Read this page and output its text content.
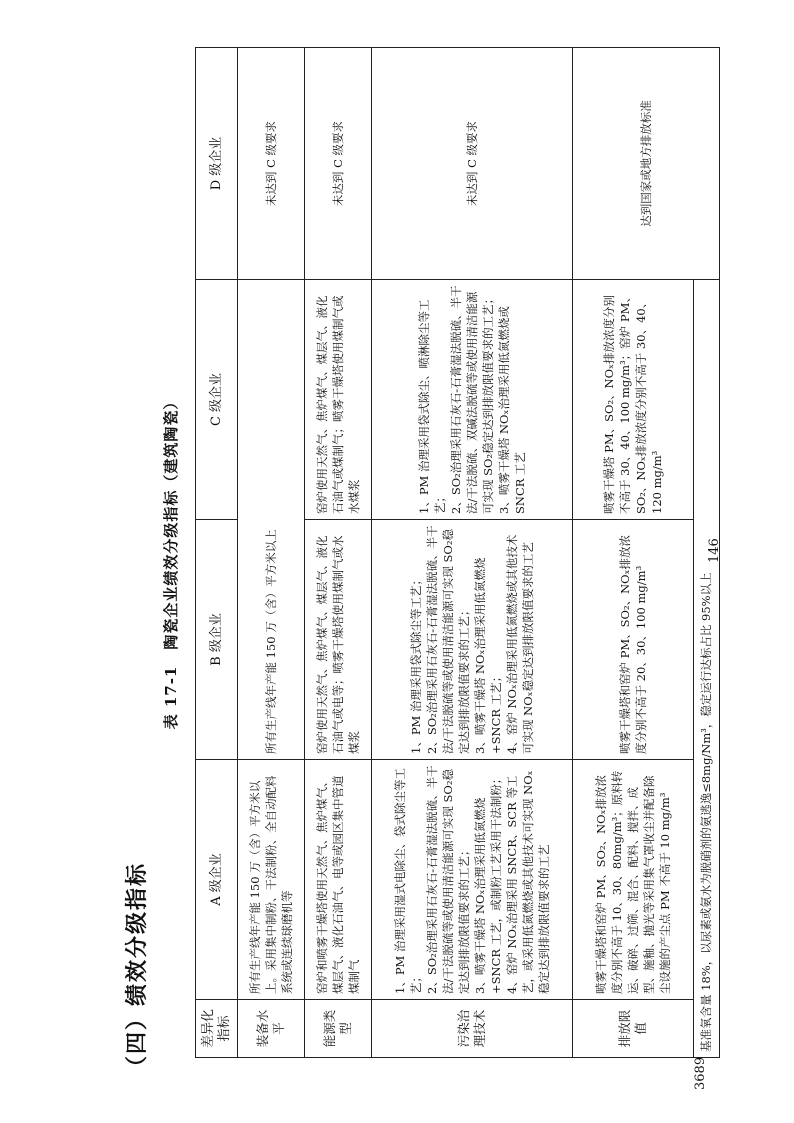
（四）绩效分级指标
表 17-1　陶瓷企业绩效分级指标（建筑陶瓷）
差异化指标	A 级企业	B 级企业	C 级企业	D 级企业
装备水平	所有生产线年产能 150 万（含）平方米以上。采用集中制粉、干法制粉、全自动配料系统或连续球磨机等	所有生产线年产能 150 万（含）平方米以上		未达到 C 级要求
能源类型	窑炉和喷雾干燥塔使用天然气、焦炉煤气、煤层气、液化石油气、电等或园区集中管道煤制气	窑炉使用天然气、焦炉煤气、煤层气、液化石油气或电等；喷雾干燥塔使用煤制气或水煤浆	窑炉使用天然气、焦炉煤气、煤层气、液化石油气或煤制气；喷雾干燥塔使用煤制气或水煤浆	未达到 C 级要求
污染治理技术	1、PM 治理采用湿式电除尘、袋式除尘等工艺；
2、SO₂治理采用石灰石-石膏湿法脱硫、半干法/干法脱硫等或使用清洁能源可实现 SO₂稳定达到排放限值要求的工艺；
3、喷雾干燥塔 NOₓ治理采用低氮燃烧+SNCR 工艺，或制粉工艺采用干法制粉；
4、窑炉 NOₓ治理采用 SNCR、SCR 等工艺，或采用低氮燃烧或其他技术可实现 NOₓ稳定达到排放限值要求的工艺	1、PM 治理采用袋式除尘等工艺；
2、SO₂治理采用石灰石-石膏湿法脱硫、半干法/干法脱硫等或使用清洁能源可实现 SO₂稳定达到排放限值要求的工艺；
3、喷雾干燥塔 NOₓ治理采用低氮燃烧+SNCR 工艺；
4、窑炉 NOₓ治理采用低氮燃烧或其他技术可实现 NOₓ稳定达到排放限值要求的工艺	1、PM 治理采用袋式除尘、喷淋除尘等工艺；
2、SO₂治理采用石灰石-石膏湿法脱硫、半干法/干法脱硫、双碱法脱硫等或使用清洁能源可实现 SO₂稳定达到排放限值要求的工艺；
3、喷雾干燥塔 NOₓ治理采用低氮燃烧或 SNCR 工艺	未达到 C 级要求
排放限值	喷雾干燥塔和窑炉 PM、SO₂、NOₓ排放浓度分别不高于 10、30、80mg/m³；原料转运、破碎、过筛、混合、配料、搅拌、成型、施釉、抛光等采用集气罩收尘并配备除尘设施的产尘点 PM 不高于 10 mg/m³	喷雾干燥塔和窑炉 PM、SO₂、NOₓ排放浓度分别不高于 20、30、100 mg/m³	喷雾干燥塔 PM、SO₂、NOₓ排放浓度分别不高于 30、40、100 mg/m³；窑炉 PM、SO₂、NOₓ排放浓度分别不高于 30、40、120 mg/m³	达到国家或地方排放标准
基准氧含量 18%，以尿素或氨水为脱硝剂的氨逃逸≤8mg/Nm³，稳定运行达标占比 95%以上				
146
3689
